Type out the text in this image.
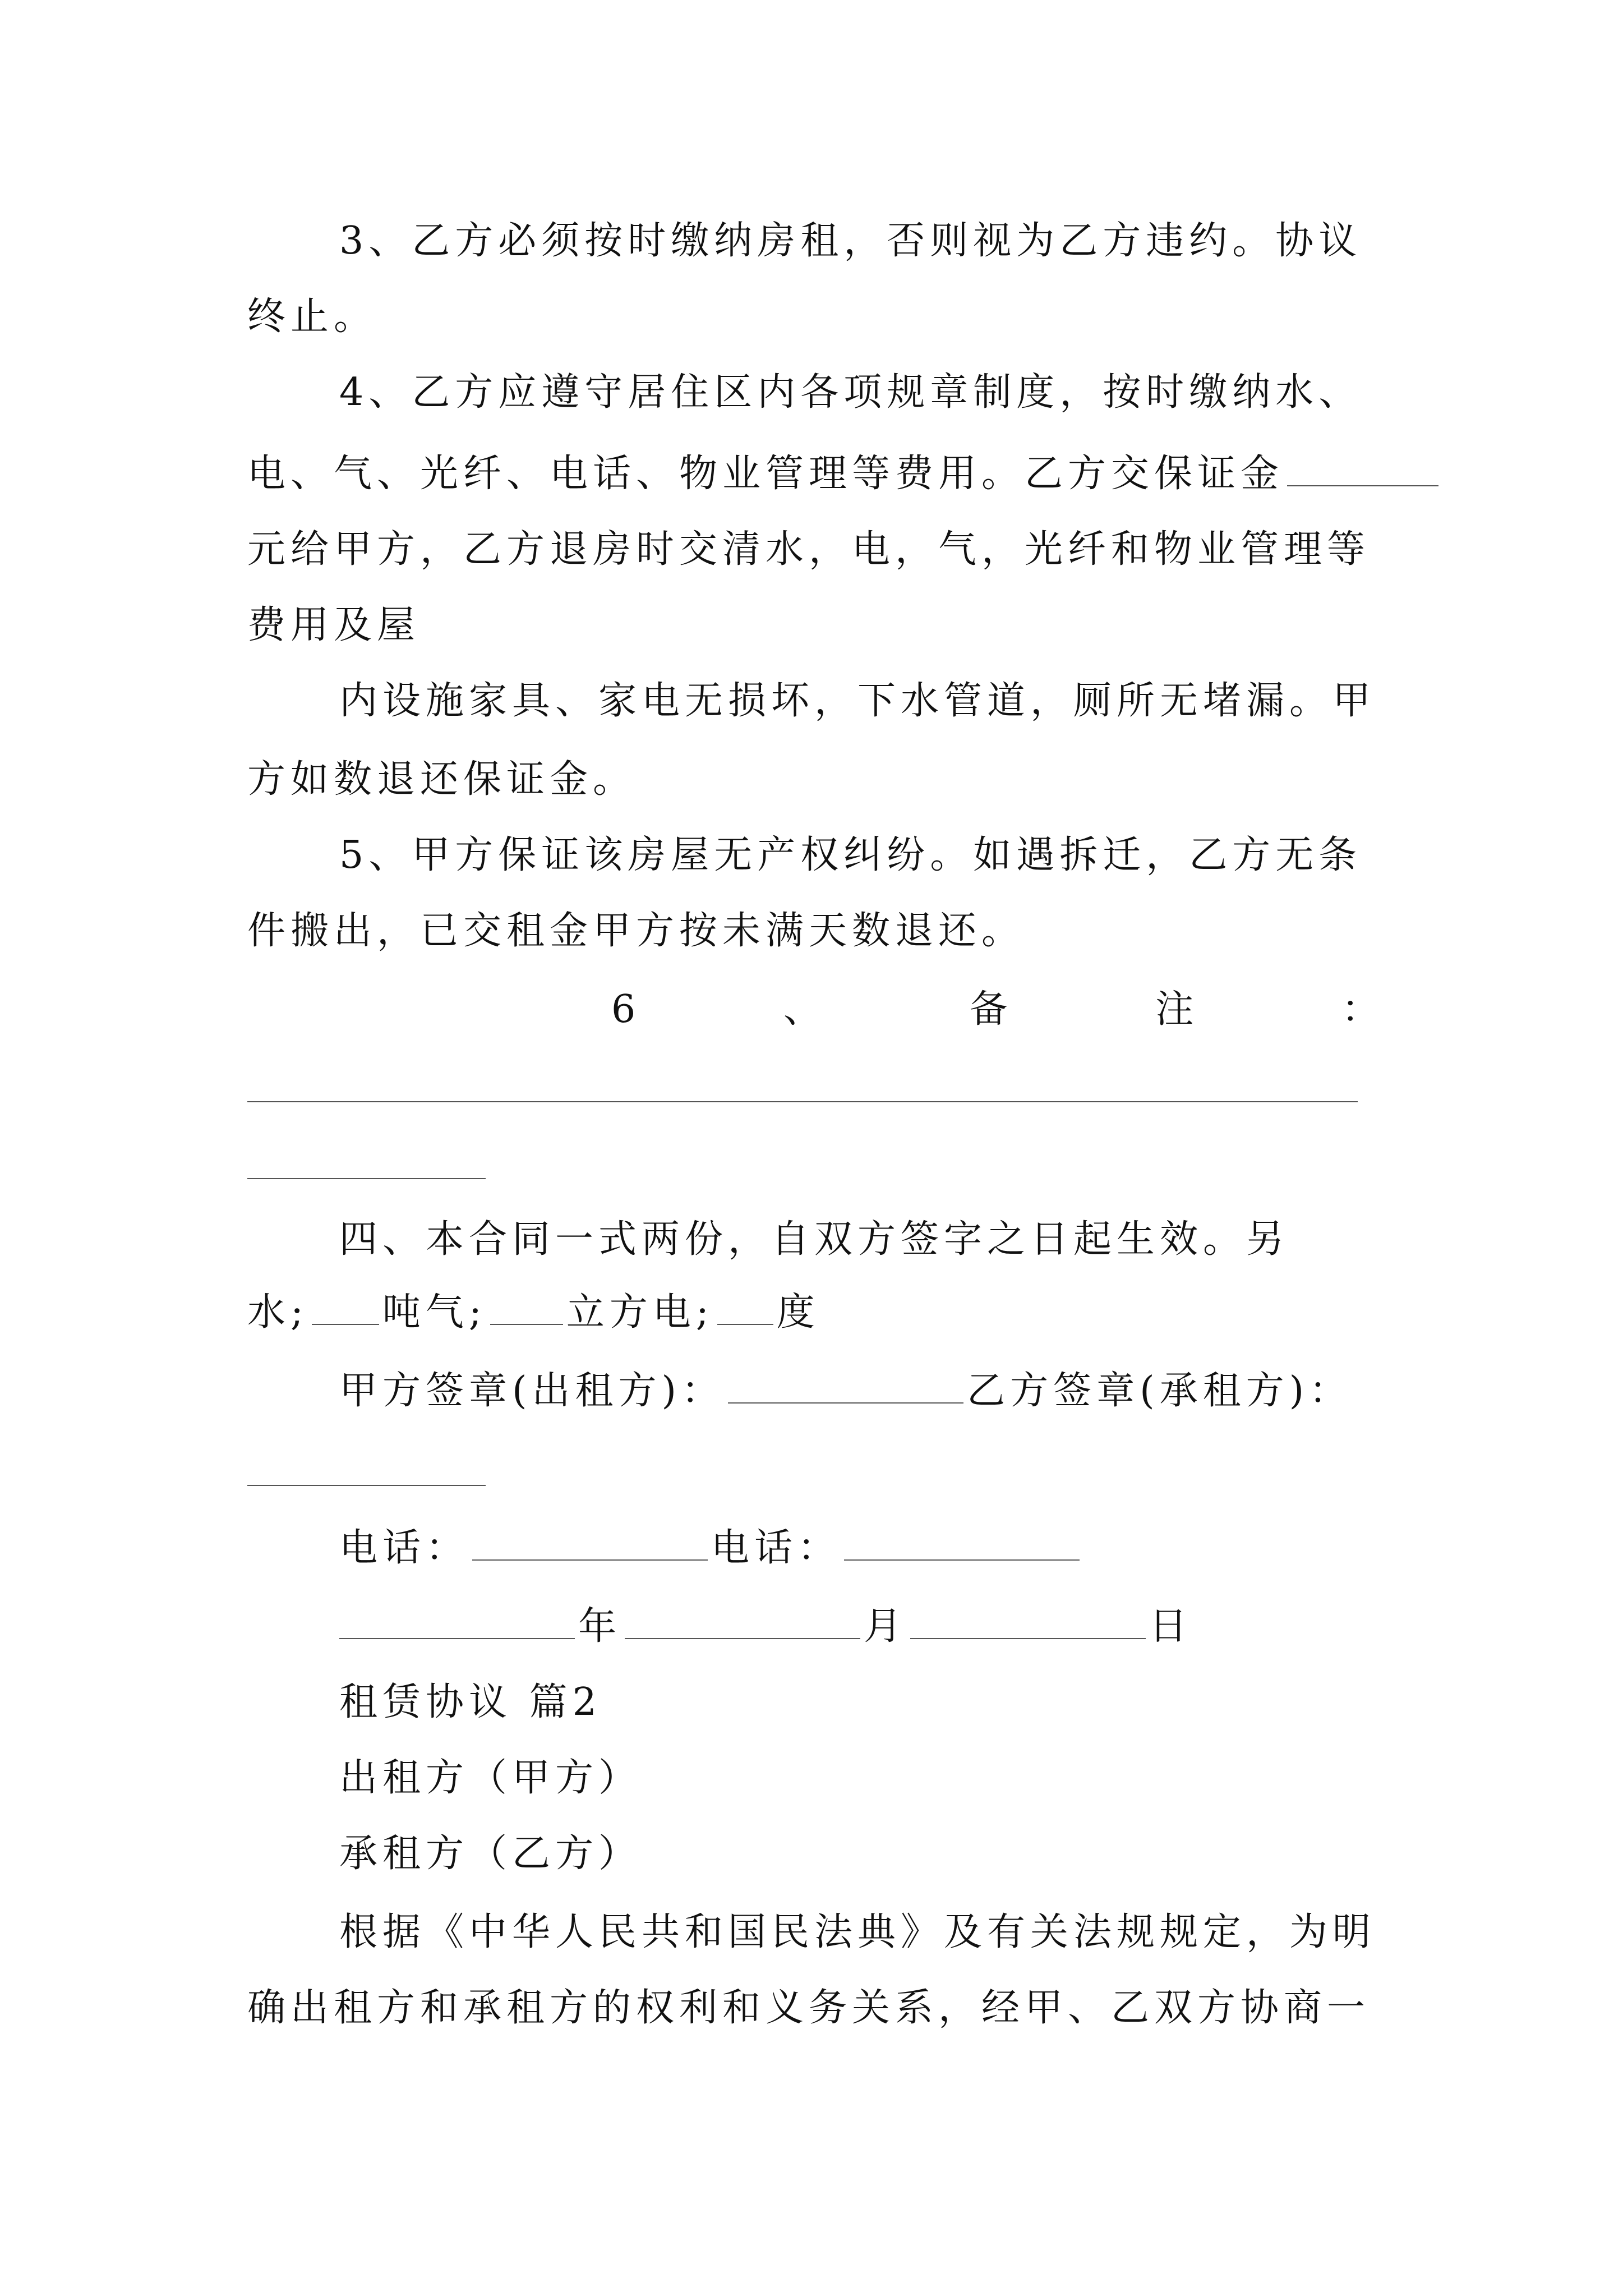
3、乙方必须按时缴纳房租，否则视为乙方违约。协议
终止。
4、乙方应遵守居住区内各项规章制度，按时缴纳水、
电、气、光纤、电话、物业管理等费用。乙方交保证金
元给甲方，乙方退房时交清水，电，气，光纤和物业管理等
费用及屋
内设施家具、家电无损坏，下水管道，厕所无堵漏。甲
方如数退还保证金。
5、甲方保证该房屋无产权纠纷。如遇拆迁，乙方无条
件搬出，已交租金甲方按未满天数退还。
6	、	备	注	：
四、本合同一式两份，自双方签字之日起生效。另
水; 吨气; 立方电; 度
甲方签章(出租方)：	乙方签章(承租方)：
电话：	电话：
年	月	日
租赁协议 篇2
出租方（甲方）
承租方（乙方）
根据《中华人民共和国民法典》及有关法规规定，为明
确出租方和承租方的权利和义务关系，经甲、乙双方协商一
